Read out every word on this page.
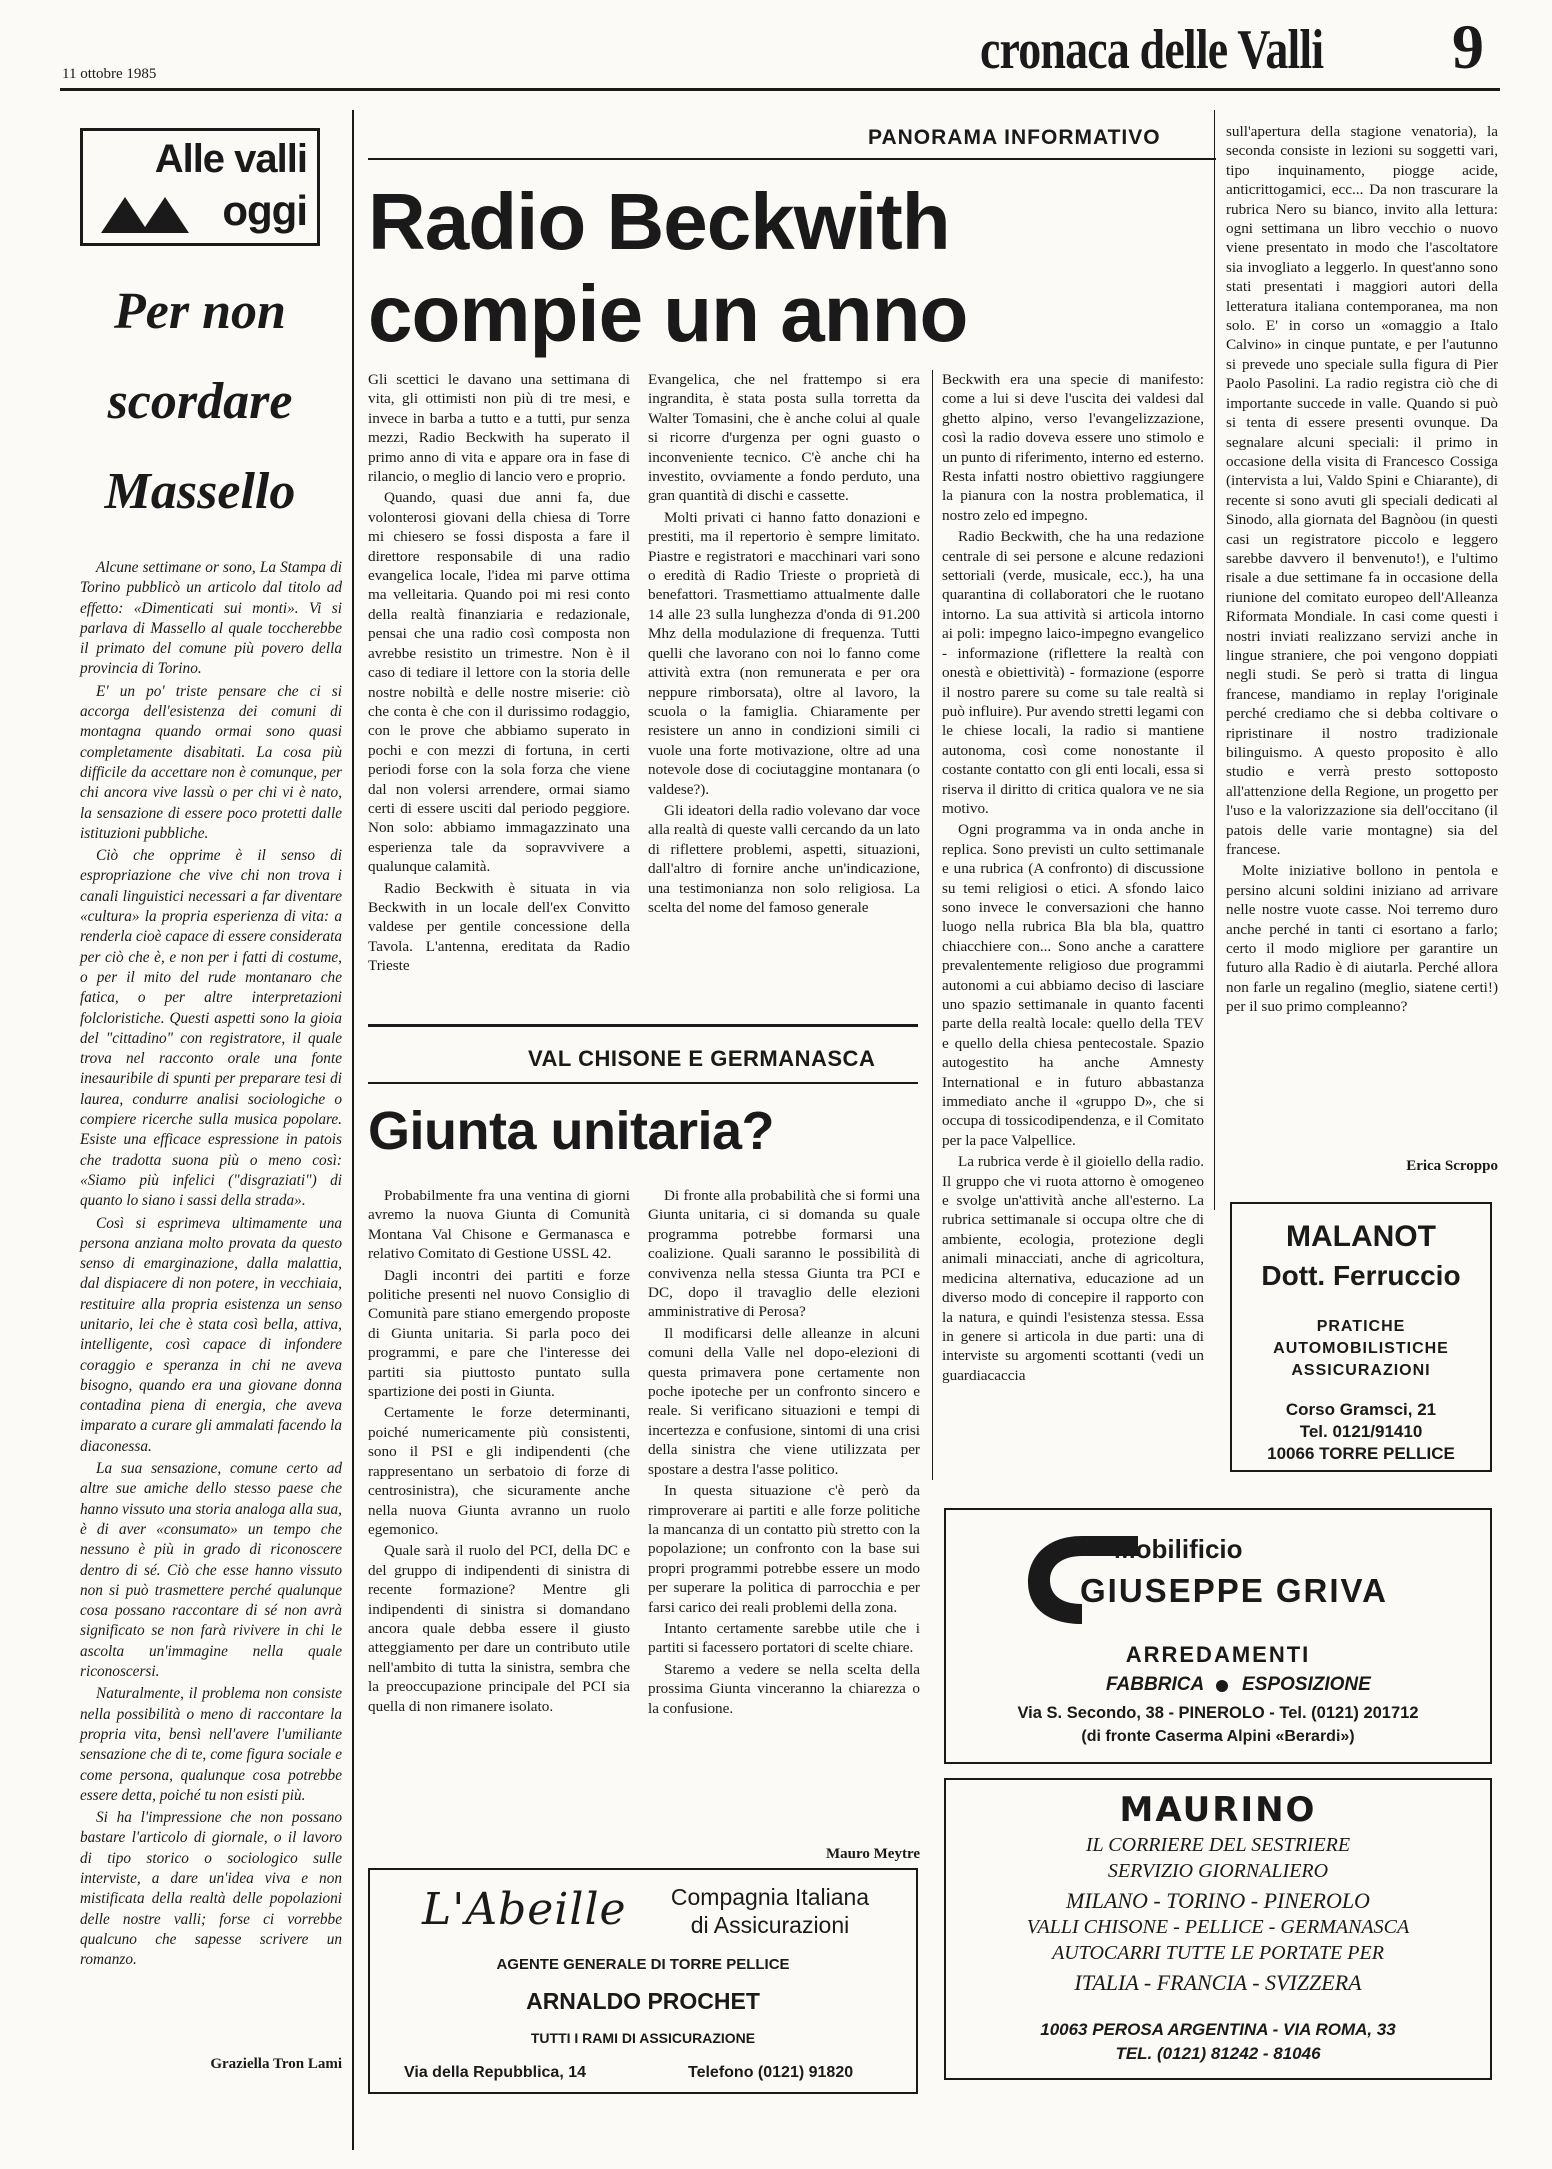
11 ottobre 1985	cronaca delle Valli 9
Alle valli
oggi
Per non
scordare
Massello

Alcune settimane or sono, La Stampa di Torino pubblicò un articolo dal titolo ad effetto: «Dimenticati sui monti». Vi si parlava di Massello al quale toccherebbe il primato del comune più povero della provincia di Torino.

E' un po' triste pensare che ci si accorga dell'esistenza dei comuni di montagna quando ormai sono quasi completamente disabitati. La cosa più difficile da accettare non è comunque, per chi ancora vive lassù o per chi vi è nato, la sensazione di essere poco protetti dalle istituzioni pubbliche.

Ciò che opprime è il senso di espropriazione che vive chi non trova i canali linguistici necessari a far diventare «cultura» la propria esperienza di vita: a renderla cioè capace di essere considerata per ciò che è, e non per i fatti di costume, o per il mito del rude montanaro che fatica, o per altre interpretazioni folcloristiche. Questi aspetti sono la gioia del "cittadino" con registratore, il quale trova nel racconto orale una fonte inesauribile di spunti per preparare tesi di laurea, condurre analisi sociologiche o compiere ricerche sulla musica popolare. Esiste una efficace espressione in patois che tradotta suona più o meno così: «Siamo più infelici ("disgraziati") di quanto lo siano i sassi della strada».

Così si esprimeva ultimamente una persona anziana molto provata da questo senso di emarginazione, dalla malattia, dal dispiacere di non potere, in vecchiaia, restituire alla propria esistenza un senso unitario, lei che è stata così bella, attiva, intelligente, così capace di infondere coraggio e speranza in chi ne aveva bisogno, quando era una giovane donna contadina piena di energia, che aveva imparato a curare gli ammalati facendo la diaconessa.

La sua sensazione, comune certo ad altre sue amiche dello stesso paese che hanno vissuto una storia analoga alla sua, è di aver «consumato» un tempo che nessuno è più in grado di riconoscere dentro di sé. Ciò che esse hanno vissuto non si può trasmettere perché qualunque cosa possano raccontare di sé non avrà significato se non farà rivivere in chi le ascolta un'immagine nella quale riconoscersi.

Naturalmente, il problema non consiste nella possibilità o meno di raccontare la propria vita, bensì nell'avere l'umiliante sensazione che di te, come figura sociale e come persona, qualunque cosa potrebbe essere detta, poiché tu non esisti più.

Si ha l'impressione che non possano bastare l'articolo di giornale, o il lavoro di tipo storico o sociologico sulle interviste, a dare un'idea viva e non mistificata della realtà delle popolazioni delle nostre valli; forse ci vorrebbe qualcuno che sapesse scrivere un romanzo.

Graziella Tron Lami
PANORAMA INFORMATIVO
Radio Beckwith
compie un anno

Gli scettici le davano una settimana di vita, gli ottimisti non più di tre mesi, e invece in barba a tutto e a tutti, pur senza mezzi, Radio Beckwith ha superato il primo anno di vita e appare ora in fase di rilancio, o meglio di lancio vero e proprio.

Quando, quasi due anni fa, due volonterosi giovani della chiesa di Torre mi chiesero se fossi disposta a fare il direttore responsabile di una radio evangelica locale, l'idea mi parve ottima ma velleitaria. Quando poi mi resi conto della realtà finanziaria e redazionale, pensai che una radio così composta non avrebbe resistito un trimestre. Non è il caso di tediare il lettore con la storia delle nostre nobiltà e delle nostre miserie: ciò che conta è che con il durissimo rodaggio, con le prove che abbiamo superato in pochi e con mezzi di fortuna, in certi periodi forse con la sola forza che viene dal non volersi arrendere, ormai siamo certi di essere usciti dal periodo peggiore. Non solo: abbiamo immagazzinato una esperienza tale da sopravvivere a qualunque calamità.

Radio Beckwith è situata in via Beckwith in un locale dell'ex Convitto valdese per gentile concessione della Tavola. L'antenna, ereditata da Radio Trieste

Evangelica, che nel frattempo si era ingrandita, è stata posta sulla torretta da Walter Tomasini, che è anche colui al quale si ricorre d'urgenza per ogni guasto o inconveniente tecnico. C'è anche chi ha investito, ovviamente a fondo perduto, una gran quantità di dischi e cassette.

Molti privati ci hanno fatto donazioni e prestiti, ma il repertorio è sempre limitato. Piastre e registratori e macchinari vari sono o eredità di Radio Trieste o proprietà di benefattori. Trasmettiamo attualmente dalle 14 alle 23 sulla lunghezza d'onda di 91.200 Mhz della modulazione di frequenza. Tutti quelli che lavorano con noi lo fanno come attività extra (non remunerata e per ora neppure rimborsata), oltre al lavoro, la scuola o la famiglia. Chiaramente per resistere un anno in condizioni simili ci vuole una forte motivazione, oltre ad una notevole dose di cociutaggine montanara (o valdese?).

Gli ideatori della radio volevano dar voce alla realtà di queste valli cercando da un lato di riflettere problemi, aspetti, situazioni, dall'altro di fornire anche un'indicazione, una testimonianza non solo religiosa. La scelta del nome del famoso generale

Beckwith era una specie di manifesto: come a lui si deve l'uscita dei valdesi dal ghetto alpino, verso l'evangelizzazione, così la radio doveva essere uno stimolo e un punto di riferimento, interno ed esterno. Resta infatti nostro obiettivo raggiungere la pianura con la nostra problematica, il nostro zelo ed impegno.

Radio Beckwith, che ha una redazione centrale di sei persone e alcune redazioni settoriali (verde, musicale, ecc.), ha una quarantina di collaboratori che le ruotano intorno. La sua attività si articola intorno ai poli: impegno laico-impegno evangelico - informazione (riflettere la realtà con onestà e obiettività) - formazione (esporre il nostro parere su come su tale realtà si può influire). Pur avendo stretti legami con le chiese locali, la radio si mantiene autonoma, così come nonostante il costante contatto con gli enti locali, essa si riserva il diritto di critica qualora ve ne sia motivo.

Ogni programma va in onda anche in replica. Sono previsti un culto settimanale e una rubrica (A confronto) di discussione su temi religiosi o etici. A sfondo laico sono invece le conversazioni che hanno luogo nella rubrica Bla bla bla, quattro chiacchiere con... Sono anche a carattere prevalentemente religioso due programmi autonomi a cui abbiamo deciso di lasciare uno spazio settimanale in quanto facenti parte della realtà locale: quello della TEV e quello della chiesa pentecostale. Spazio autogestito ha anche Amnesty International e in futuro abbastanza immediato anche il «gruppo D», che si occupa di tossicodipendenza, e il Comitato per la pace Valpellice.

La rubrica verde è il gioiello della radio. Il gruppo che vi ruota attorno è omogeneo e svolge un'attività anche all'esterno. La rubrica settimanale si occupa oltre che di ambiente, ecologia, protezione degli animali minacciati, anche di agricoltura, medicina alternativa, educazione ad un diverso modo di concepire il rapporto con la natura, e quindi l'esistenza stessa. Essa in genere si articola in due parti: una di interviste su argomenti scottanti (vedi un guardiacaccia

sull'apertura della stagione venatoria), la seconda consiste in lezioni su soggetti vari, tipo inquinamento, piogge acide, anticrittogamici, ecc... Da non trascurare la rubrica Nero su bianco, invito alla lettura: ogni settimana un libro vecchio o nuovo viene presentato in modo che l'ascoltatore sia invogliato a leggerlo. In quest'anno sono stati presentati i maggiori autori della letteratura italiana contemporanea, ma non solo. E' in corso un «omaggio a Italo Calvino» in cinque puntate, e per l'autunno si prevede uno speciale sulla figura di Pier Paolo Pasolini. La radio registra ciò che di importante succede in valle. Quando si può si tenta di essere presenti ovunque. Da segnalare alcuni speciali: il primo in occasione della visita di Francesco Cossiga (intervista a lui, Valdo Spini e Chiarante), di recente si sono avuti gli speciali dedicati al Sinodo, alla giornata del Bagnòou (in questi casi un registratore piccolo e leggero sarebbe davvero il benvenuto!), e l'ultimo risale a due settimane fa in occasione della riunione del comitato europeo dell'Alleanza Riformata Mondiale. In casi come questi i nostri inviati realizzano servizi anche in lingue straniere, che poi vengono doppiati negli studi. Se però si tratta di lingua francese, mandiamo in replay l'originale perché crediamo che si debba coltivare o ripristinare il nostro tradizionale bilinguismo. A questo proposito è allo studio e verrà presto sottoposto all'attenzione della Regione, un progetto per l'uso e la valorizzazione sia dell'occitano (il patois delle varie montagne) sia del francese.

Molte iniziative bollono in pentola e persino alcuni soldini iniziano ad arrivare nelle nostre vuote casse. Noi terremo duro anche perché in tanti ci esortano a farlo; certo il modo migliore per garantire un futuro alla Radio è di aiutarla. Perché allora non farle un regalino (meglio, siatene certi!) per il suo primo compleanno?

Erica Scroppo
VAL CHISONE E GERMANASCA
Giunta unitaria?

Probabilmente fra una ventina di giorni avremo la nuova Giunta di Comunità Montana Val Chisone e Germanasca e relativo Comitato di Gestione USSL 42.

Dagli incontri dei partiti e forze politiche presenti nel nuovo Consiglio di Comunità pare stiano emergendo proposte di Giunta unitaria. Si parla poco dei programmi, e pare che l'interesse dei partiti sia piuttosto puntato sulla spartizione dei posti in Giunta.

Certamente le forze determinanti, poiché numericamente più consistenti, sono il PSI e gli indipendenti (che rappresentano un serbatoio di forze di centrosinistra), che sicuramente anche nella nuova Giunta avranno un ruolo egemonico.

Quale sarà il ruolo del PCI, della DC e del gruppo di indipendenti di sinistra di recente formazione? Mentre gli indipendenti di sinistra si domandano ancora quale debba essere il giusto atteggiamento per dare un contributo utile nell'ambito di tutta la sinistra, sembra che la preoccupazione principale del PCI sia quella di non rimanere isolato.

Di fronte alla probabilità che si formi una Giunta unitaria, ci si domanda su quale programma potrebbe formarsi una coalizione. Quali saranno le possibilità di convivenza nella stessa Giunta tra PCI e DC, dopo il travaglio delle elezioni amministrative di Perosa?

Il modificarsi delle alleanze in alcuni comuni della Valle nel dopo-elezioni di questa primavera pone certamente non poche ipoteche per un confronto sincero e reale. Si verificano situazioni e tempi di incertezza e confusione, sintomi di una crisi della sinistra che viene utilizzata per spostare a destra l'asse politico.

In questa situazione c'è però da rimproverare ai partiti e alle forze politiche la mancanza di un contatto più stretto con la popolazione; un confronto con la base sui propri programmi potrebbe essere un modo per superare la politica di parrocchia e per farsi carico dei reali problemi della zona.

Intanto certamente sarebbe utile che i partiti si facessero portatori di scelte chiare.

Staremo a vedere se nella scelta della prossima Giunta vinceranno la chiarezza o la confusione.

Mauro Meytre
MALANOT
Dott. Ferruccio
PRATICHE
AUTOMOBILISTICHE
ASSICURAZIONI
Corso Gramsci, 21
Tel. 0121/91410
10066 TORRE PELLICE
Mobilificio
GIUSEPPE GRIVA
ARREDAMENTI
FABBRICA ESPOSIZIONE
Via S. Secondo, 38 - PINEROLO - Tel. (0121) 201712
(di fronte Caserma Alpini «Berardi»)
L'Abeille	Compagnia Italiana
di Assicurazioni
AGENTE GENERALE DI TORRE PELLICE
ARNALDO PROCHET
TUTTI I RAMI DI ASSICURAZIONE
Via della Repubblica, 14	Telefono (0121) 91820
MAURINO
IL CORRIERE DEL SESTRIERE
SERVIZIO GIORNALIERO
MILANO - TORINO - PINEROLO
VALLI CHISONE - PELLICE - GERMANASCA
AUTOCARRI TUTTE LE PORTATE PER
ITALIA - FRANCIA - SVIZZERA
10063 PEROSA ARGENTINA - VIA ROMA, 33
TEL. (0121) 81242 - 81046
